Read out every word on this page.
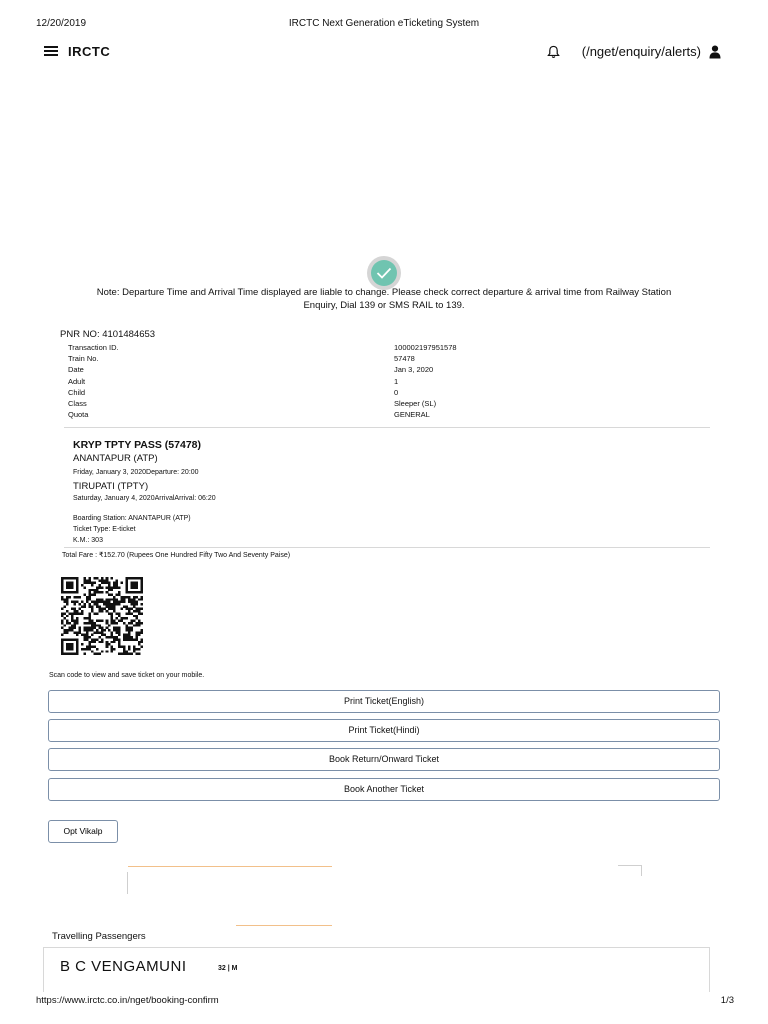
12/20/2019	IRCTC Next Generation eTicketing System
IRCTC	(/nget/enquiry/alerts)
Note: Departure Time and Arrival Time displayed are liable to change. Please check correct departure & arrival time from Railway Station
Enquiry, Dial 139 or SMS RAIL to 139.
PNR NO: 4101484653
Transaction ID.	100002197951578
Train No.	57478
Date	Jan 3, 2020
Adult	1
Child	0
Class	Sleeper (SL)
Quota	GENERAL
KRYP TPTY PASS (57478)
ANANTAPUR (ATP)
Friday, January 3, 2020Departure: 20:00
TIRUPATI (TPTY)
Saturday, January 4, 2020ArrivalArrival: 06:20
Boarding Station: ANANTAPUR (ATP)
Ticket Type: E-ticket
K.M.: 303
Total Fare : ₹152.70 (Rupees One Hundred Fifty Two And Seventy Paise)
Scan code to view and save ticket on your mobile.
Print Ticket(English)
Print Ticket(Hindi)
Book Return/Onward Ticket
Book Another Ticket
Opt Vikalp
Travelling Passengers
B C VENGAMUNI	32 | M
https://www.irctc.co.in/nget/booking-confirm	1/3
